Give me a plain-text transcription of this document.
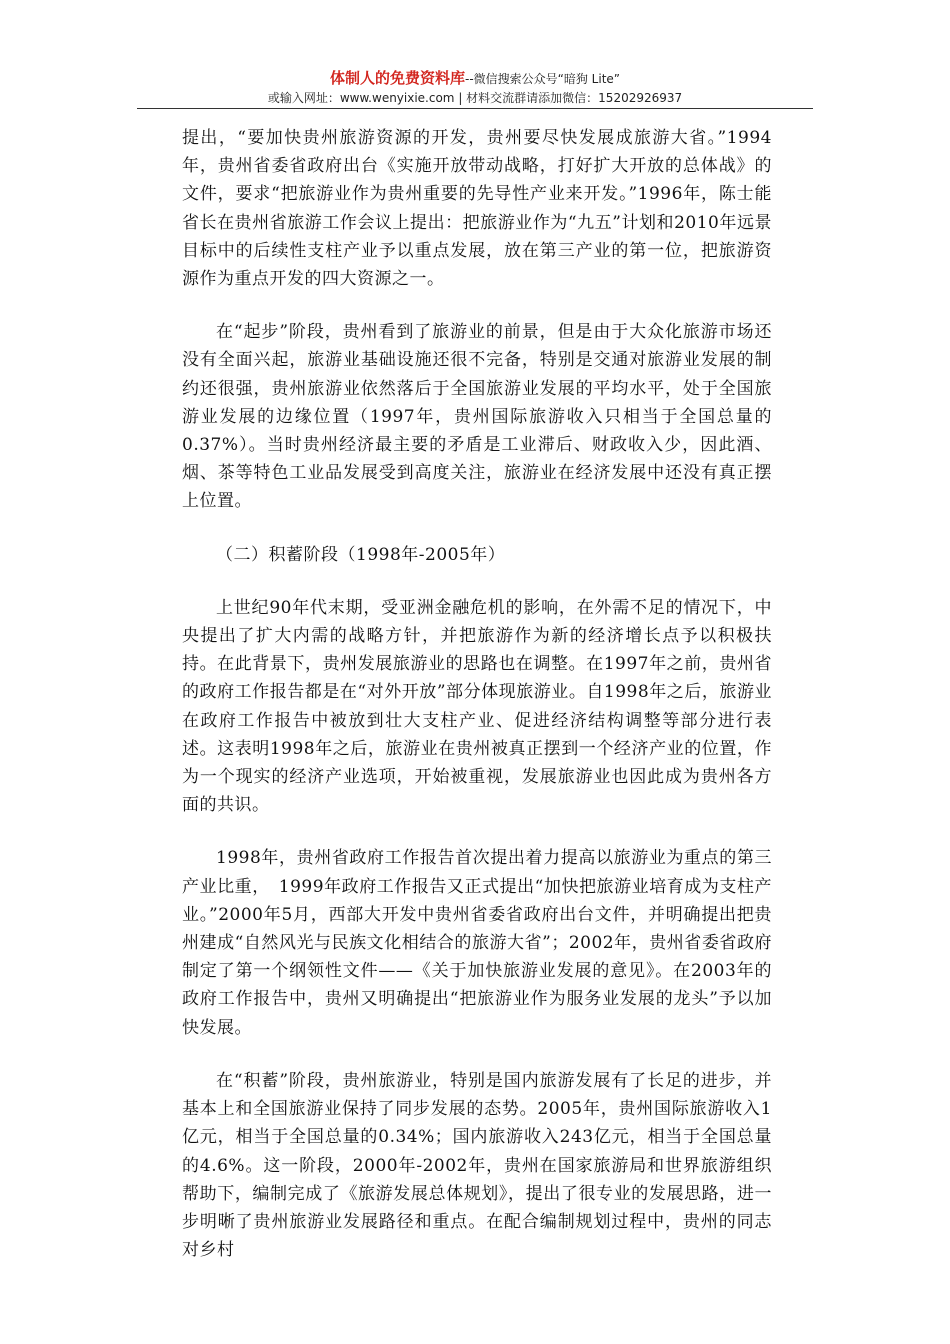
体制人的免费资料库--微信搜索公众号“暗狗 Lite”
或输入网址：www.wenyixie.com | 材料交流群请添加微信：15202926937

提出，“要加快贵州旅游资源的开发，贵州要尽快发展成旅游大省。”1994年，贵州省委省政府出台《实施开放带动战略，打好扩大开放的总体战》的文件，要求“把旅游业作为贵州重要的先导性产业来开发。”1996年，陈士能省长在贵州省旅游工作会议上提出：把旅游业作为“九五”计划和2010年远景目标中的后续性支柱产业予以重点发展，放在第三产业的第一位，把旅游资源作为重点开发的四大资源之一。

在“起步”阶段，贵州看到了旅游业的前景，但是由于大众化旅游市场还没有全面兴起，旅游业基础设施还很不完备，特别是交通对旅游业发展的制约还很强，贵州旅游业依然落后于全国旅游业发展的平均水平，处于全国旅游业发展的边缘位置（1997年，贵州国际旅游收入只相当于全国总量的0.37%）。当时贵州经济最主要的矛盾是工业滞后、财政收入少，因此酒、烟、茶等特色工业品发展受到高度关注，旅游业在经济发展中还没有真正摆上位置。

（二）积蓄阶段（1998年-2005年）

上世纪90年代末期，受亚洲金融危机的影响，在外需不足的情况下，中央提出了扩大内需的战略方针，并把旅游作为新的经济增长点予以积极扶持。在此背景下，贵州发展旅游业的思路也在调整。在1997年之前，贵州省的政府工作报告都是在“对外开放”部分体现旅游业。自1998年之后，旅游业在政府工作报告中被放到壮大支柱产业、促进经济结构调整等部分进行表述。这表明1998年之后，旅游业在贵州被真正摆到一个经济产业的位置，作为一个现实的经济产业选项，开始被重视，发展旅游业也因此成为贵州各方面的共识。

1998年，贵州省政府工作报告首次提出着力提高以旅游业为重点的第三产业比重，　1999年政府工作报告又正式提出“加快把旅游业培育成为支柱产业。”2000年5月，西部大开发中贵州省委省政府出台文件，并明确提出把贵州建成“自然风光与民族文化相结合的旅游大省”；2002年，贵州省委省政府制定了第一个纲领性文件——《关于加快旅游业发展的意见》。在2003年的政府工作报告中，贵州又明确提出“把旅游业作为服务业发展的龙头”予以加快发展。

在“积蓄”阶段，贵州旅游业，特别是国内旅游发展有了长足的进步，并基本上和全国旅游业保持了同步发展的态势。2005年，贵州国际旅游收入1亿元，相当于全国总量的0.34%；国内旅游收入243亿元，相当于全国总量的4.6%。这一阶段，2000年-2002年，贵州在国家旅游局和世界旅游组织帮助下，编制完成了《旅游发展总体规划》，提出了很专业的发展思路，进一步明晰了贵州旅游业发展路径和重点。在配合编制规划过程中，贵州的同志对乡村
